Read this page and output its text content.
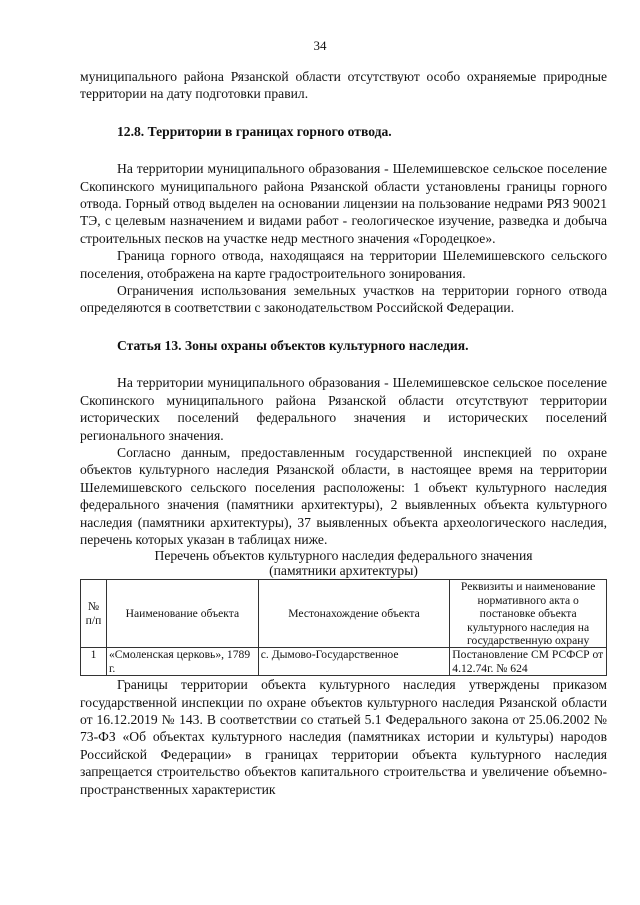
34

муниципального района Рязанской области отсутствуют особо охраняемые природные территории на дату подготовки правил.

12.8. Территории в границах горного отвода.

На территории муниципального образования - Шелемишевское сельское поселение Скопинского муниципального района Рязанской области установлены границы горного отвода. Горный отвод выделен на основании лицензии на пользование недрами РЯЗ 90021 ТЭ, с целевым назначением и видами работ - геологическое изучение, разведка и добыча строительных песков на участке недр местного значения «Городецкое».

Граница горного отвода, находящаяся на территории Шелемишевского сельского поселения, отображена на карте градостроительного зонирования.

Ограничения использования земельных участков на территории горного отвода определяются в соответствии с законодательством Российской Федерации.

Статья 13. Зоны охраны объектов культурного наследия.

На территории муниципального образования - Шелемишевское сельское поселение Скопинского муниципального района Рязанской области отсутствуют территории исторических поселений федерального значения и исторических поселений регионального значения.

Согласно данным, предоставленным государственной инспекцией по охране объектов культурного наследия Рязанской области, в настоящее время на территории Шелемишевского сельского поселения расположены: 1 объект культурного наследия федерального значения (памятники архитектуры), 2 выявленных объекта культурного наследия (памятники архитектуры), 37 выявленных объекта археологического наследия, перечень которых указан в таблицах ниже.

Перечень объектов культурного наследия федерального значения
(памятники архитектуры)

№
п/п	Наименование объекта	Местонахождение объекта	Реквизиты и наименование нормативного акта о постановке объекта культурного наследия на государственную охрану
1	«Смоленская церковь», 1789 г.	с. Дымово-Государственное	Постановление СМ РСФСР от 4.12.74г. № 624

Границы территории объекта культурного наследия утверждены приказом государственной инспекции по охране объектов культурного наследия Рязанской области от 16.12.2019 № 143. В соответствии со статьей 5.1 Федерального закона от 25.06.2002 № 73-ФЗ «Об объектах культурного наследия (памятниках истории и культуры) народов Российской Федерации» в границах территории объекта культурного наследия запрещается строительство объектов капитального строительства и увеличение объемно-пространственных характеристик
